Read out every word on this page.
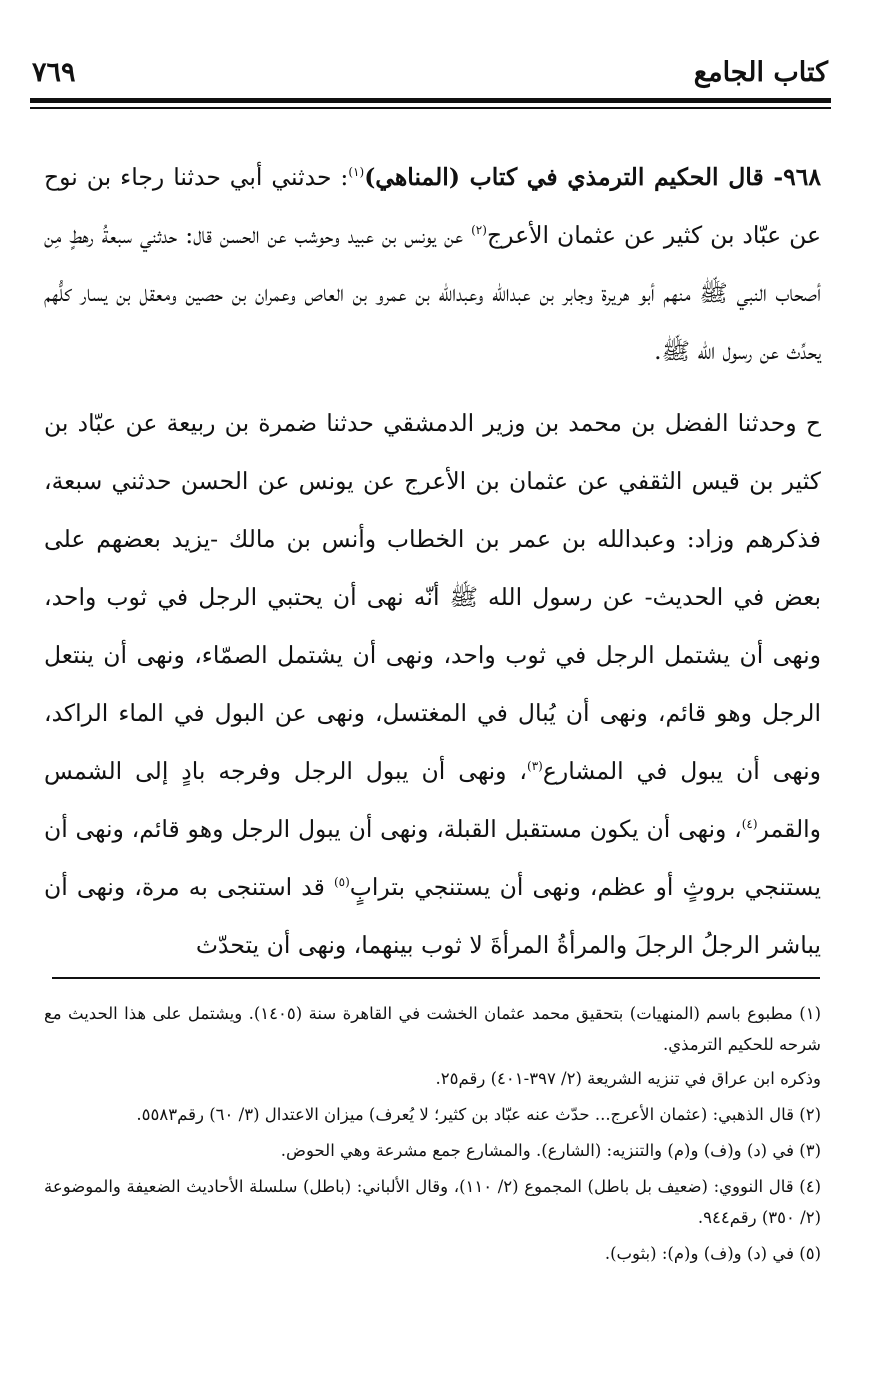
كتاب الجامع
٧٦٩

٩٦٨- قال الحكيم الترمذي في كتاب (المناهي)$^{(١)}$: حدثني أبي حدثنا رجاء بن نوح عن عبّاد بن كثير عن عثمان الأعرج$^{(٢)}$ عن يونس بن عبيد وحوشب عن الحسن قال: حدثني سبعةُ رهطٍ مِن أصحاب النبي ﷺ منهم أبو هريرة وجابر بن عبدالله وعبدالله بن عمرو بن العاص وعمران بن حصين ومعقل بن يسار كلُّهم يحدِّث عن رسول الله ﷺ.

ح وحدثنا الفضل بن محمد بن وزير الدمشقي حدثنا ضمرة بن ربيعة عن عبّاد بن كثير بن قيس الثقفي عن عثمان بن الأعرج عن يونس عن الحسن حدثني سبعة، فذكرهم وزاد: وعبدالله بن عمر بن الخطاب وأنس بن مالك -يزيد بعضهم على بعض في الحديث- عن رسول الله ﷺ أنّه نهى أن يحتبي الرجل في ثوب واحد، ونهى أن يشتمل الرجل في ثوب واحد، ونهى أن يشتمل الصمّاء، ونهى أن ينتعل الرجل وهو قائم، ونهى أن يُبال في المغتسل، ونهى عن البول في الماء الراكد، ونهى أن يبول في المشارع$^{(٣)}$، ونهى أن يبول الرجل وفرجه بادٍ إلى الشمس والقمر$^{(٤)}$، ونهى أن يكون مستقبل القبلة، ونهى أن يبول الرجل وهو قائم، ونهى أن يستنجي بروثٍ أو عظم، ونهى أن يستنجي بترابٍ$^{(٥)}$ قد استنجى به مرة، ونهى أن يباشر الرجلُ الرجلَ والمرأةُ المرأةَ لا ثوب بينهما، ونهى أن يتحدّث

(١) مطبوع باسم (المنهيات) بتحقيق محمد عثمان الخشت في القاهرة سنة (١٤٠٥). ويشتمل على هذا الحديث مع شرحه للحكيم الترمذي.

وذكره ابن عراق في تنزيه الشريعة (٢/ ٣٩٧-٤٠١) رقم٢٥.

(٢) قال الذهبي: (عثمان الأعرج... حدّث عنه عبّاد بن كثير؛ لا يُعرف) ميزان الاعتدال (٣/ ٦٠) رقم٥٥٨٣.

(٣) في (د) و(ف) و(م) والتنزيه: (الشارع). والمشارع جمع مشرعة وهي الحوض.

(٤) قال النووي: (ضعيف بل باطل) المجموع (٢/ ١١٠)، وقال الألباني: (باطل) سلسلة الأحاديث الضعيفة والموضوعة (٢/ ٣٥٠) رقم٩٤٤.

(٥) في (د) و(ف) و(م): (بثوب).
